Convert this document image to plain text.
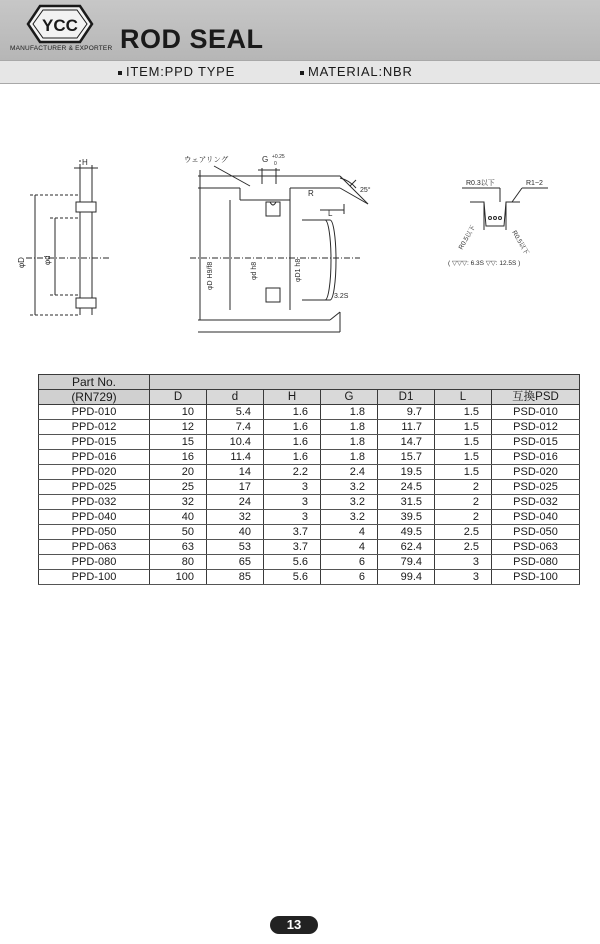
YCC
MANUFACTURER & EXPORTER ROD SEAL
ITEM:PPD TYPE	MATERIAL:NBR
H
φD φd
ウェアリング	G +0.25
0
R	25°
L
φD H9/f8	φd h8	φD1 h8
3.2S
R0.3以下	R1~2
R0.5以下	R0.5以下
( ▽▽▽: 6.3S ▽▽: 12.5S )
Part No.							
(RN729)	D	d	H	G	D1	L	互換PSD
PPD-010	10	5.4	1.6	1.8	9.7	1.5	PSD-010
PPD-012	12	7.4	1.6	1.8	11.7	1.5	PSD-012
PPD-015	15	10.4	1.6	1.8	14.7	1.5	PSD-015
PPD-016	16	11.4	1.6	1.8	15.7	1.5	PSD-016
PPD-020	20	14	2.2	2.4	19.5	1.5	PSD-020
PPD-025	25	17	3	3.2	24.5	2	PSD-025
PPD-032	32	24	3	3.2	31.5	2	PSD-032
PPD-040	40	32	3	3.2	39.5	2	PSD-040
PPD-050	50	40	3.7	4	49.5	2.5	PSD-050
PPD-063	63	53	3.7	4	62.4	2.5	PSD-063
PPD-080	80	65	5.6	6	79.4	3	PSD-080
PPD-100	100	85	5.6	6	99.4	3	PSD-100
13
